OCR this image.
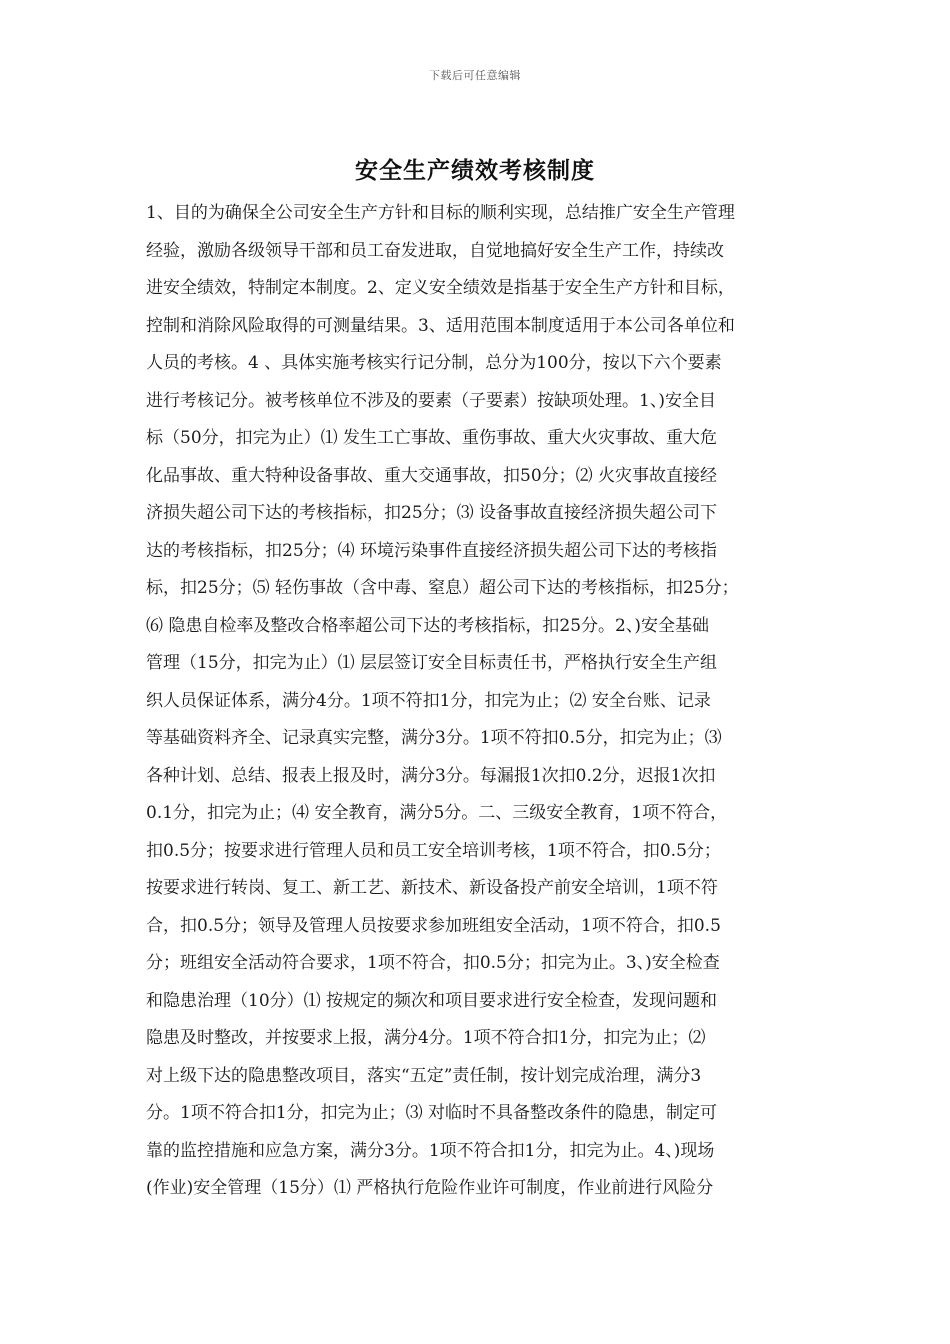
下载后可任意编辑
安全生产绩效考核制度
1、目的为确保全公司安全生产方针和目标的顺利实现，总结推广安全生产管理
经验，激励各级领导干部和员工奋发进取，自觉地搞好安全生产工作，持续改
进安全绩效，特制定本制度。2、定义安全绩效是指基于安全生产方针和目标，
控制和消除风险取得的可测量结果。3、适用范围本制度适用于本公司各单位和
人员的考核。4 、具体实施考核实行记分制，总分为100分，按以下六个要素
进行考核记分。被考核单位不涉及的要素（子要素）按缺项处理。1、)安全目
标（50分，扣完为止）⑴ 发生工亡事故、重伤事故、重大火灾事故、重大危
化品事故、重大特种设备事故、重大交通事故，扣50分；⑵ 火灾事故直接经
济损失超公司下达的考核指标，扣25分；⑶ 设备事故直接经济损失超公司下
达的考核指标，扣25分；⑷ 环境污染事件直接经济损失超公司下达的考核指
标，扣25分；⑸ 轻伤事故（含中毒、窒息）超公司下达的考核指标，扣25分；
⑹ 隐患自检率及整改合格率超公司下达的考核指标，扣25分。2、)安全基础
管理（15分，扣完为止）⑴ 层层签订安全目标责任书，严格执行安全生产组
织人员保证体系，满分4分。1项不符扣1分，扣完为止；⑵ 安全台账、记录
等基础资料齐全、记录真实完整，满分3分。1项不符扣0.5分，扣完为止；⑶
各种计划、总结、报表上报及时，满分3分。每漏报1次扣0.2分，迟报1次扣
0.1分，扣完为止；⑷ 安全教育，满分5分。二、三级安全教育，1项不符合，
扣0.5分；按要求进行管理人员和员工安全培训考核，1项不符合，扣0.5分；
按要求进行转岗、复工、新工艺、新技术、新设备投产前安全培训，1项不符
合，扣0.5分；领导及管理人员按要求参加班组安全活动，1项不符合，扣0.5
分；班组安全活动符合要求，1项不符合，扣0.5分；扣完为止。3、)安全检查
和隐患治理（10分）⑴ 按规定的频次和项目要求进行安全检查，发现问题和
隐患及时整改，并按要求上报，满分4分。1项不符合扣1分，扣完为止；⑵
对上级下达的隐患整改项目，落实“五定”责任制，按计划完成治理，满分3
分。1项不符合扣1分，扣完为止；⑶ 对临时不具备整改条件的隐患，制定可
靠的监控措施和应急方案，满分3分。1项不符合扣1分，扣完为止。4、)现场
(作业)安全管理（15分）⑴ 严格执行危险作业许可制度，作业前进行风险分
